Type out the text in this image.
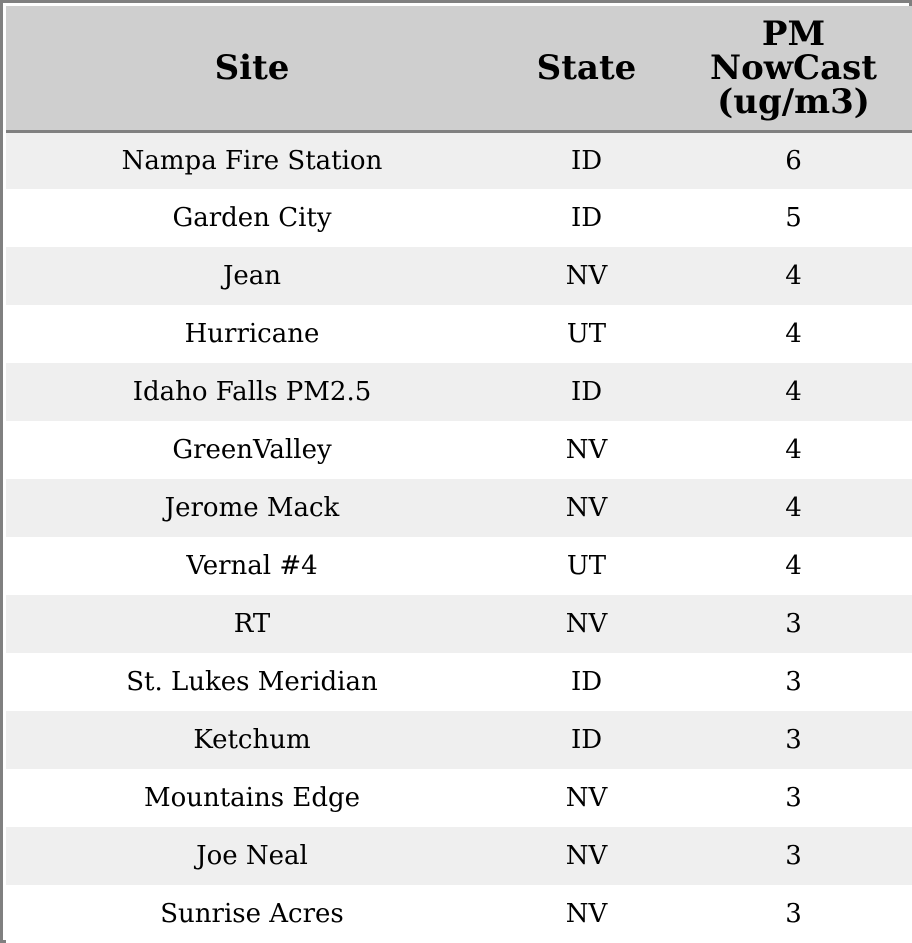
Site	State	PM
NowCast
(ug/m3)

Nampa Fire Station	ID	6
Garden City	ID	5
Jean	NV	4
Hurricane	UT	4
Idaho Falls PM2.5	ID	4
GreenValley	NV	4
Jerome Mack	NV	4
Vernal #4	UT	4
RT	NV	3
St. Lukes Meridian	ID	3
Ketchum	ID	3
Mountains Edge	NV	3
Joe Neal	NV	3
Sunrise Acres	NV	3
